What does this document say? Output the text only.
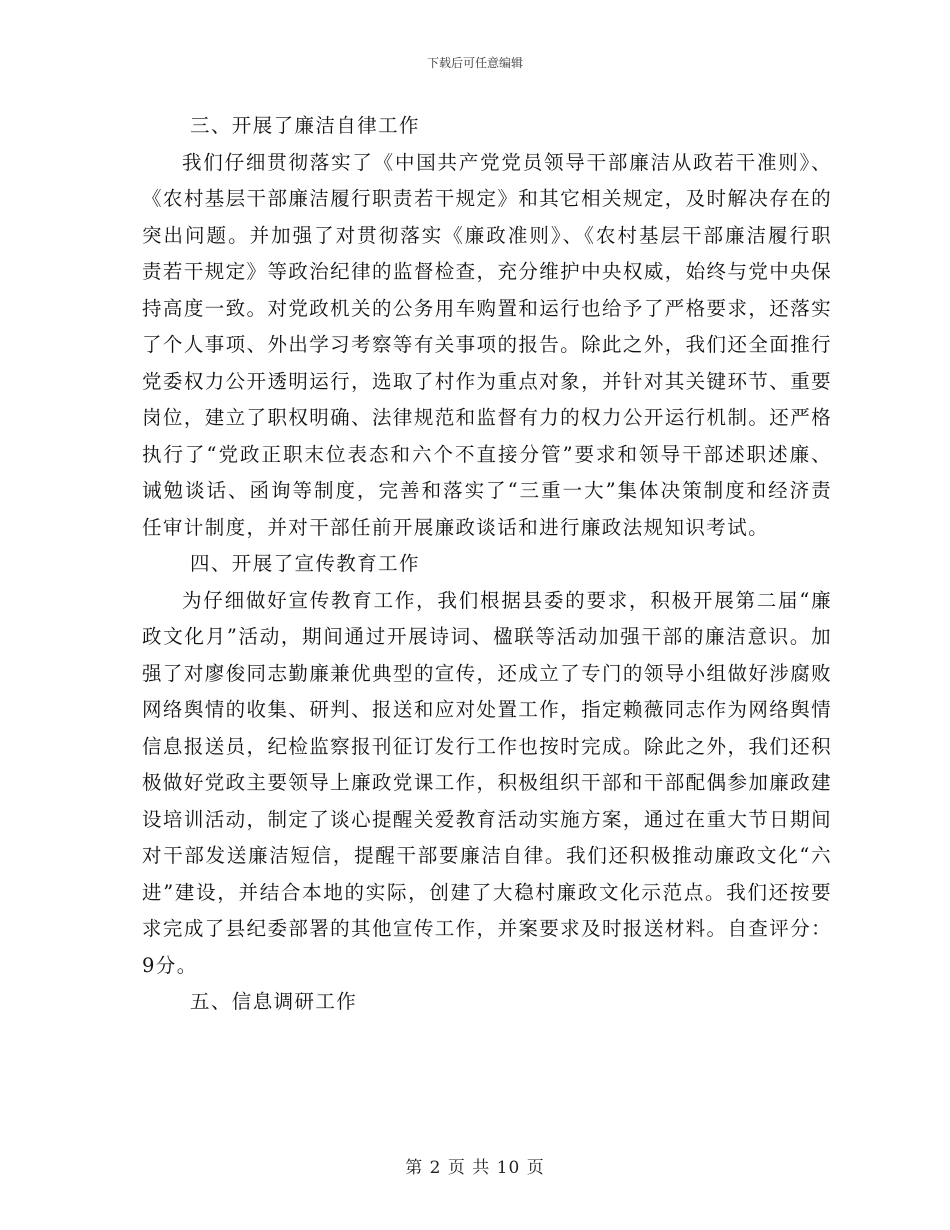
下载后可任意编辑

三、开展了廉洁自律工作

我们仔细贯彻落实了《中国共产党党员领导干部廉洁从政若干准则》、《农村基层干部廉洁履行职责若干规定》和其它相关规定，及时解决存在的突出问题。并加强了对贯彻落实《廉政准则》、《农村基层干部廉洁履行职责若干规定》等政治纪律的监督检查，充分维护中央权威，始终与党中央保持高度一致。对党政机关的公务用车购置和运行也给予了严格要求，还落实了个人事项、外出学习考察等有关事项的报告。除此之外，我们还全面推行党委权力公开透明运行，选取了村作为重点对象，并针对其关键环节、重要岗位，建立了职权明确、法律规范和监督有力的权力公开运行机制。还严格执行了“党政正职末位表态和六个不直接分管”要求和领导干部述职述廉、诫勉谈话、函询等制度，完善和落实了“三重一大”集体决策制度和经济责任审计制度，并对干部任前开展廉政谈话和进行廉政法规知识考试。

四、开展了宣传教育工作

为仔细做好宣传教育工作，我们根据县委的要求，积极开展第二届“廉政文化月”活动，期间通过开展诗词、楹联等活动加强干部的廉洁意识。加强了对廖俊同志勤廉兼优典型的宣传，还成立了专门的领导小组做好涉腐败网络舆情的收集、研判、报送和应对处置工作，指定赖薇同志作为网络舆情信息报送员，纪检监察报刊征订发行工作也按时完成。除此之外，我们还积极做好党政主要领导上廉政党课工作，积极组织干部和干部配偶参加廉政建设培训活动，制定了谈心提醒关爱教育活动实施方案，通过在重大节日期间对干部发送廉洁短信，提醒干部要廉洁自律。我们还积极推动廉政文化“六进”建设，并结合本地的实际，创建了大稳村廉政文化示范点。我们还按要求完成了县纪委部署的其他宣传工作，并案要求及时报送材料。自查评分：9分。

五、信息调研工作

第 2 页 共 10 页
